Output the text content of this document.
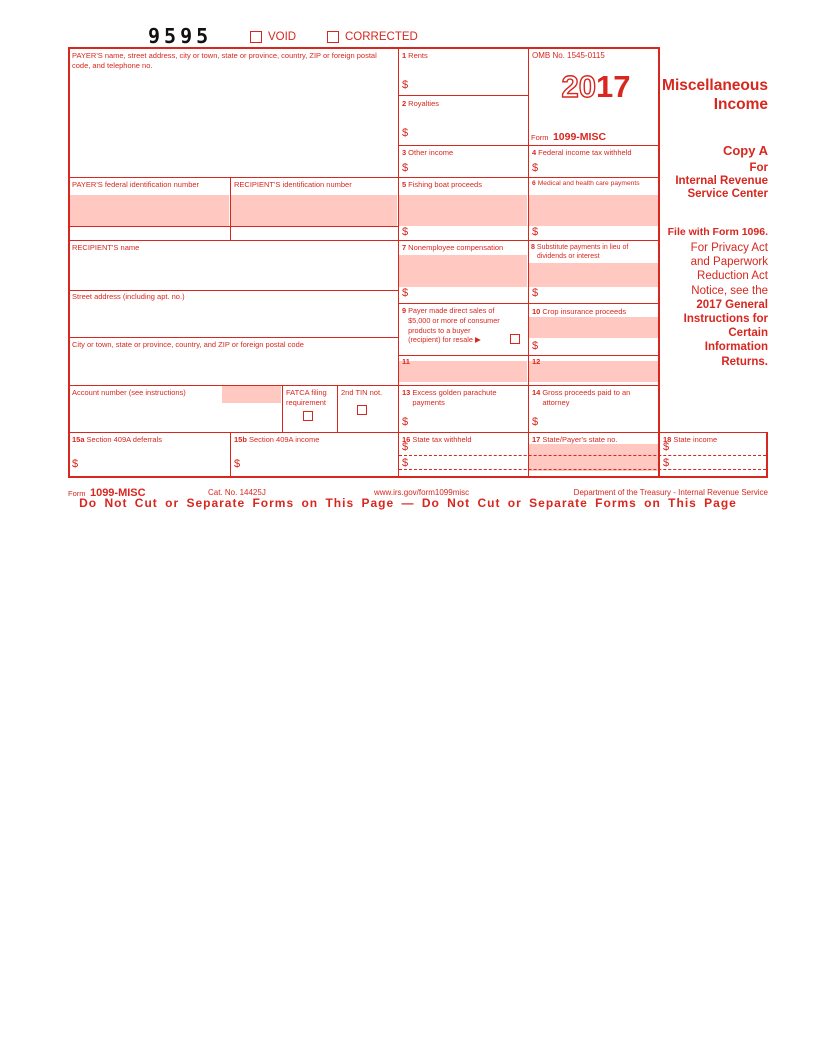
9595	VOID	CORRECTED
PAYER'S name, street address, city or town, state or province, country, ZIP or foreign postal code, and telephone no.
PAYER'S federal identification number	RECIPIENT'S identification number
RECIPIENT'S name
Street address (including apt. no.)
City or town, state or province, country, and ZIP or foreign postal code
Account number (see instructions)	FATCA filing requirement
2nd TIN not.
1 Rents
$
2 Royalties
$
3 Other income
$
5 Fishing boat proceeds
$
7 Nonemployee compensation
$
9 Payer made direct sales of
$5,000 or more of consumer
products to a buyer
(recipient) for resale ▶
11
13 Excess golden parachute
payments
$
16 State tax withheld
$
$
OMB No. 1545-0115
2017
Form 1099-MISC
4 Federal income tax withheld
$
6 Medical and health care payments
$
8 Substitute payments in lieu of
dividends or interest
$
10 Crop insurance proceeds
$
12
14 Gross proceeds paid to an
attorney
$
17 State/Payer's state no.
15a Section 409A deferrals
$
15b Section 409A income
$
18 State income
$
$
Miscellaneous
Income
Copy A
For
Internal Revenue
Service Center
File with Form 1096.
For Privacy Act
and Paperwork
Reduction Act
Notice, see the
2017 General
Instructions for
Certain
Information
Returns.
Form 1099-MISC	Cat. No. 14425J	www.irs.gov/form1099misc	Department of the Treasury - Internal Revenue Service
Do Not Cut or Separate Forms on This Page — Do Not Cut or Separate Forms on This Page
